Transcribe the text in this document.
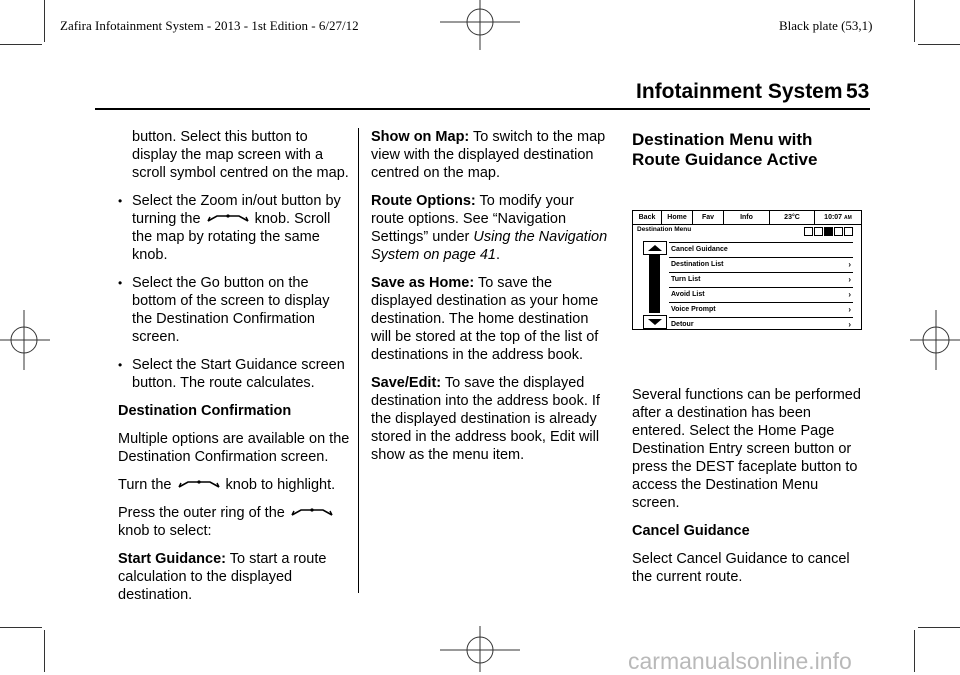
Zafira Infotainment System - 2013 - 1st Edition - 6/27/12	Black plate (53,1)
Infotainment System 53

button. Select this button to display the map screen with a scroll symbol centred on the map.

• Select the Zoom in/out button by turning the	knob. Scroll the map by rotating the same knob.

• Select the Go button on the bottom of the screen to display the Destination Confirmation screen.

• Select the Start Guidance screen button. The route calculates.

Destination Confirmation

Multiple options are available on the Destination Confirmation screen.

Turn the	knob to highlight.

Press the outer ring of the
knob to select:

Start Guidance: To start a route calculation to the displayed destination.

Show on Map: To switch to the map view with the displayed destination centred on the map.

Route Options: To modify your route options. See “Navigation Settings” under Using the Navigation System on page 41.

Save as Home: To save the displayed destination as your home destination. The home destination will be stored at the top of the list of destinations in the address book.

Save/Edit: To save the displayed destination into the address book. If the displayed destination is already stored in the address book, Edit will show as the menu item.

Destination Menu with Route Guidance Active
Back	Home	Fav	Info	23°C	10:07 AM
Destination Menu
Cancel Guidance
Destination List	›
Turn List	›
Avoid List	›
Voice Prompt	›
Detour	›

Several functions can be performed after a destination has been entered. Select the Home Page Destination Entry screen button or press the DEST faceplate button to access the Destination Menu screen.

Cancel Guidance

Select Cancel Guidance to cancel the current route.

carmanualsonline.info
